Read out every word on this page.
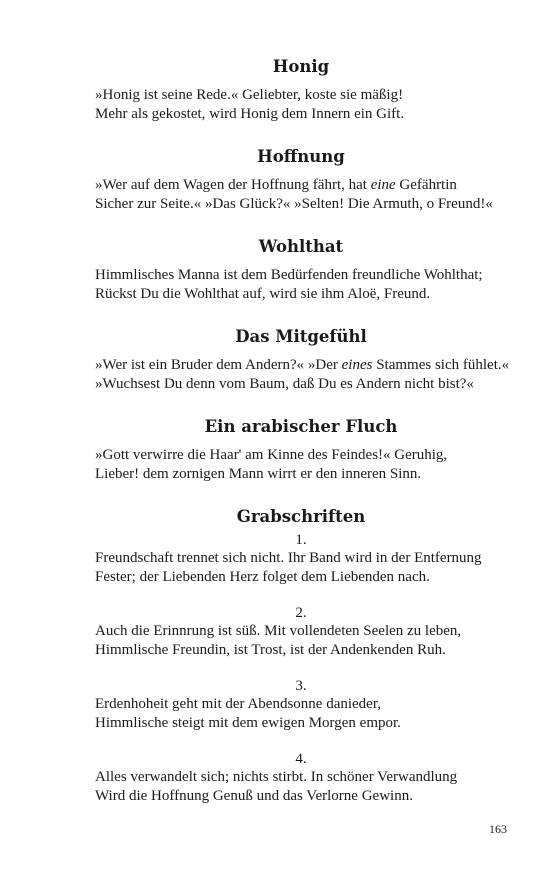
Honig

»Honig ist seine Rede.« Geliebter, koste sie mäßig!

Mehr als gekostet, wird Honig dem Innern ein Gift.

Hoffnung

»Wer auf dem Wagen der Hoffnung fährt, hat eine Gefährtin

Sicher zur Seite.« »Das Glück?« »Selten! Die Armuth, o Freund!«

Wohlthat

Himmlisches Manna ist dem Bedürfenden freundliche Wohlthat;

Rückst Du die Wohlthat auf, wird sie ihm Aloë, Freund.

Das Mitgefühl

»Wer ist ein Bruder dem Andern?« »Der eines Stammes sich fühlet.«

»Wuchsest Du denn vom Baum, daß Du es Andern nicht bist?«

Ein arabischer Fluch

»Gott verwirre die Haar' am Kinne des Feindes!« Geruhig,

Lieber! dem zornigen Mann wirrt er den inneren Sinn.

Grabschriften

1.

Freundschaft trennet sich nicht. Ihr Band wird in der Entfernung

Fester; der Liebenden Herz folget dem Liebenden nach.

2.

Auch die Erinnrung ist süß. Mit vollendeten Seelen zu leben,

Himmlische Freundin, ist Trost, ist der Andenkenden Ruh.

3.

Erdenhoheit geht mit der Abendsonne danieder,

Himmlische steigt mit dem ewigen Morgen empor.

4.

Alles verwandelt sich; nichts stirbt. In schöner Verwandlung

Wird die Hoffnung Genuß und das Verlorne Gewinn.

163
